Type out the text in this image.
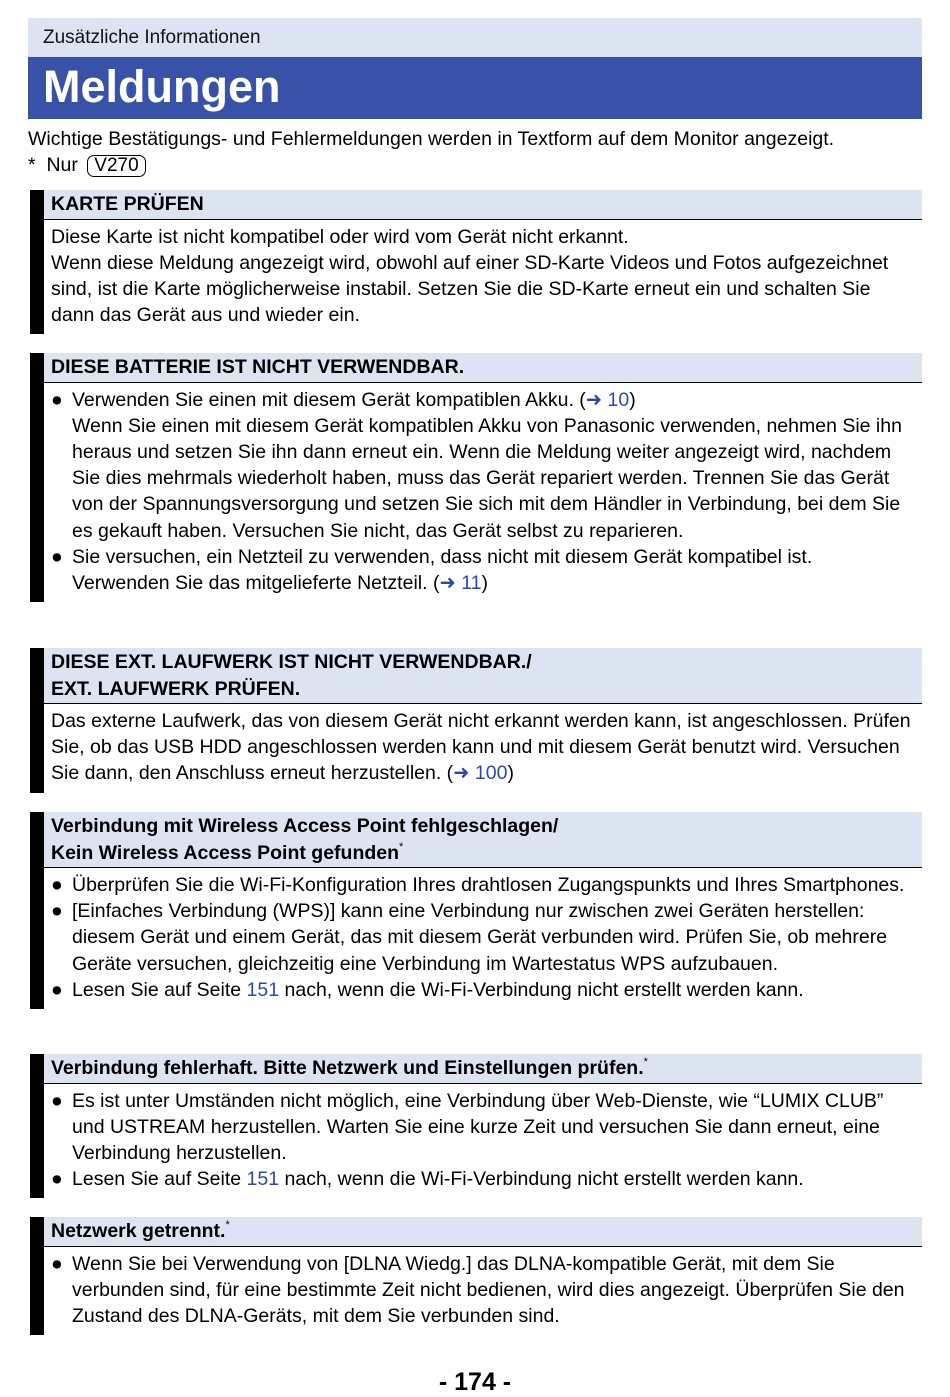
Zusätzliche Informationen
Meldungen
Wichtige Bestätigungs- und Fehlermeldungen werden in Textform auf dem Monitor angezeigt.
* Nur V270
KARTE PRÜFEN

Diese Karte ist nicht kompatibel oder wird vom Gerät nicht erkannt.

Wenn diese Meldung angezeigt wird, obwohl auf einer SD-Karte Videos und Fotos aufgezeichnet sind, ist die Karte möglicherweise instabil. Setzen Sie die SD-Karte erneut ein und schalten Sie dann das Gerät aus und wieder ein.

DIESE BATTERIE IST NICHT VERWENDBAR.
● Verwenden Sie einen mit diesem Gerät kompatiblen Akku. (➜ 10)
Wenn Sie einen mit diesem Gerät kompatiblen Akku von Panasonic verwenden, nehmen Sie ihn heraus und setzen Sie ihn dann erneut ein. Wenn die Meldung weiter angezeigt wird, nachdem Sie dies mehrmals wiederholt haben, muss das Gerät repariert werden. Trennen Sie das Gerät von der Spannungsversorgung und setzen Sie sich mit dem Händler in Verbindung, bei dem Sie es gekauft haben. Versuchen Sie nicht, das Gerät selbst zu reparieren.
● Sie versuchen, ein Netzteil zu verwenden, dass nicht mit diesem Gerät kompatibel ist. Verwenden Sie das mitgelieferte Netzteil. (➜ 11)
DIESE EXT. LAUFWERK IST NICHT VERWENDBAR./
EXT. LAUFWERK PRÜFEN.

Das externe Laufwerk, das von diesem Gerät nicht erkannt werden kann, ist angeschlossen. Prüfen Sie, ob das USB HDD angeschlossen werden kann und mit diesem Gerät benutzt wird. Versuchen Sie dann, den Anschluss erneut herzustellen. (➜ 100)

Verbindung mit Wireless Access Point fehlgeschlagen/
Kein Wireless Access Point gefunden*
● Überprüfen Sie die Wi-Fi-Konfiguration Ihres drahtlosen Zugangspunkts und Ihres Smartphones.
● [Einfaches Verbindung (WPS)] kann eine Verbindung nur zwischen zwei Geräten herstellen: diesem Gerät und einem Gerät, das mit diesem Gerät verbunden wird. Prüfen Sie, ob mehrere Geräte versuchen, gleichzeitig eine Verbindung im Wartestatus WPS aufzubauen.
● Lesen Sie auf Seite 151 nach, wenn die Wi-Fi-Verbindung nicht erstellt werden kann.
Verbindung fehlerhaft. Bitte Netzwerk und Einstellungen prüfen.*
● Es ist unter Umständen nicht möglich, eine Verbindung über Web-Dienste, wie “LUMIX CLUB” und USTREAM herzustellen. Warten Sie eine kurze Zeit und versuchen Sie dann erneut, eine Verbindung herzustellen.
● Lesen Sie auf Seite 151 nach, wenn die Wi-Fi-Verbindung nicht erstellt werden kann.
Netzwerk getrennt.*
● Wenn Sie bei Verwendung von [DLNA Wiedg.] das DLNA-kompatible Gerät, mit dem Sie verbunden sind, für eine bestimmte Zeit nicht bedienen, wird dies angezeigt. Überprüfen Sie den Zustand des DLNA-Geräts, mit dem Sie verbunden sind.
- 174 -
